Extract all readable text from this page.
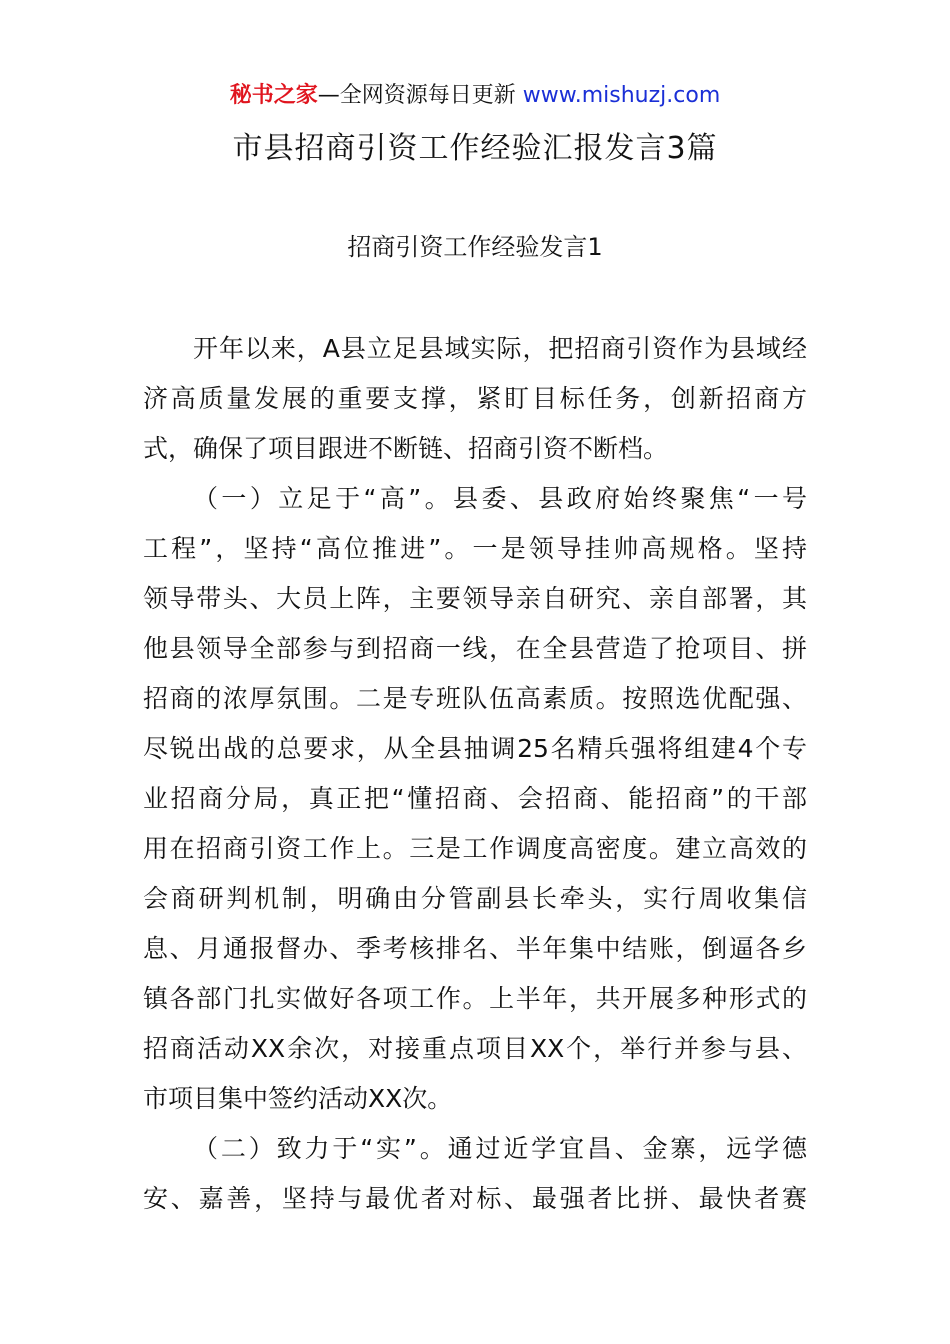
秘书之家—全网资源每日更新 www.mishuzj.com
市县招商引资工作经验汇报发言3篇
招商引资工作经验发言1

开年以来，A县立足县域实际，把招商引资作为县域经
济高质量发展的重要支撑，紧盯目标任务，创新招商方
式，确保了项目跟进不断链、招商引资不断档。

（一）立足于“高”。县委、县政府始终聚焦“一号
工程”，坚持“高位推进”。一是领导挂帅高规格。坚持
领导带头、大员上阵，主要领导亲自研究、亲自部署，其
他县领导全部参与到招商一线，在全县营造了抢项目、拼
招商的浓厚氛围。二是专班队伍高素质。按照选优配强、
尽锐出战的总要求，从全县抽调25名精兵强将组建4个专
业招商分局，真正把“懂招商、会招商、能招商”的干部
用在招商引资工作上。三是工作调度高密度。建立高效的
会商研判机制，明确由分管副县长牵头，实行周收集信
息、月通报督办、季考核排名、半年集中结账，倒逼各乡
镇各部门扎实做好各项工作。上半年，共开展多种形式的
招商活动XX余次，对接重点项目XX个，举行并参与县、
市项目集中签约活动XX次。

（二）致力于“实”。通过近学宜昌、金寨，远学德
安、嘉善，坚持与最优者对标、最强者比拼、最快者赛
